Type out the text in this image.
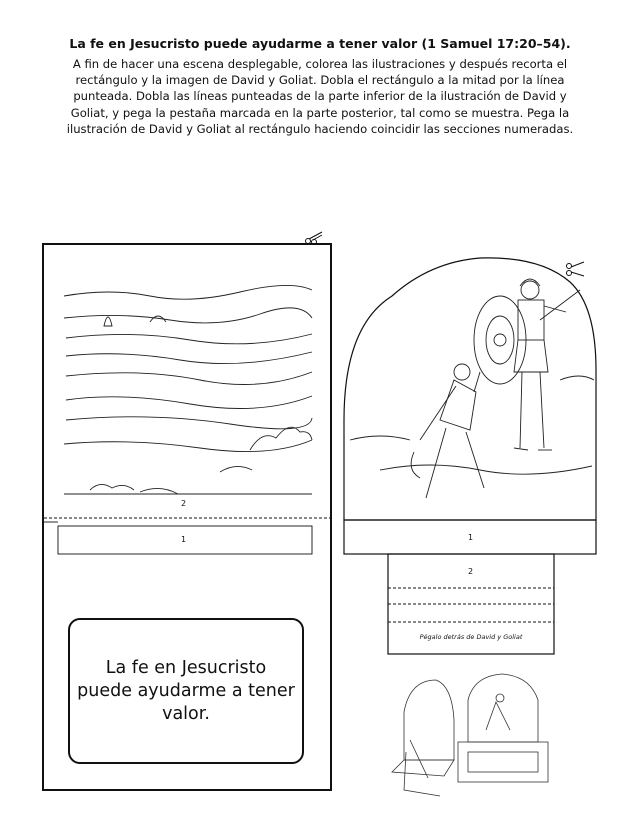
La fe en Jesucristo puede ayudarme a tener valor (1 Samuel 17:20–54).
A fin de hacer una escena desplegable, colorea las ilustraciones y después recorta el rectángulo y la imagen de David y Goliat. Dobla el rectángulo a la mitad por la línea punteada. Dobla las líneas punteadas de la parte inferior de la ilustración de David y Goliat, y pega la pestaña marcada en la parte posterior, tal como se muestra. Pega la ilustración de David y Goliat al rectángulo haciendo coincidir las secciones numeradas.
2
1	1
2
Pégalo detrás de David y Goliat
La fe en Jesucristo puede ayudarme a tener valor.
